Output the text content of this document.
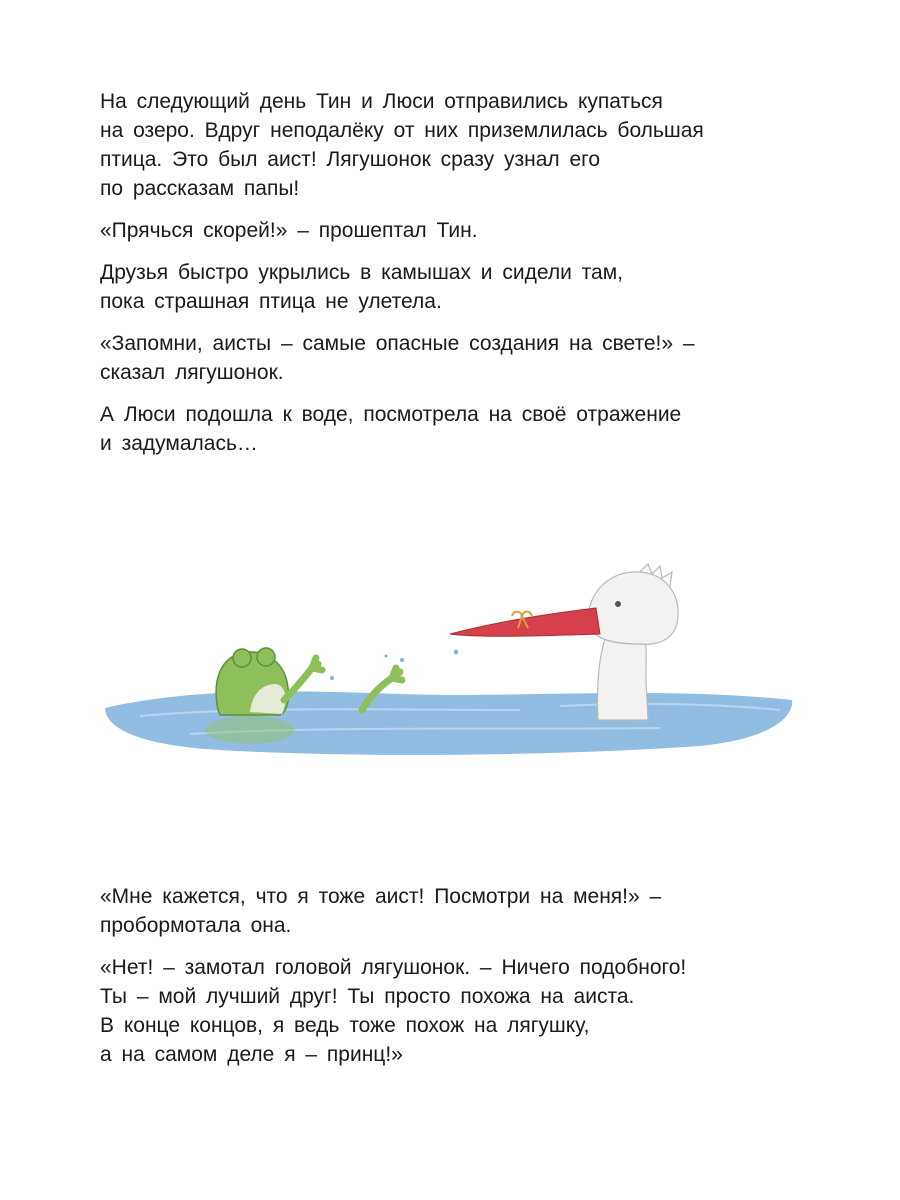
На следующий день Тин и Люси отправились купаться
на озеро. Вдруг неподалёку от них приземлилась большая
птица. Это был аист! Лягушонок сразу узнал его
по рассказам папы!

«Прячься скорей!» – прошептал Тин.

Друзья быстро укрылись в камышах и сидели там,
пока страшная птица не улетела.

«Запомни, аисты – самые опасные создания на свете!» –
сказал лягушонок.

А Люси подошла к воде, посмотрела на своё отражение
и задумалась…

«Мне кажется, что я тоже аист! Посмотри на меня!» –
пробормотала она.

«Нет! – замотал головой лягушонок. – Ничего подобного!
Ты – мой лучший друг! Ты просто похожа на аиста.
В конце концов, я ведь тоже похож на лягушку,
а на самом деле я – принц!»
